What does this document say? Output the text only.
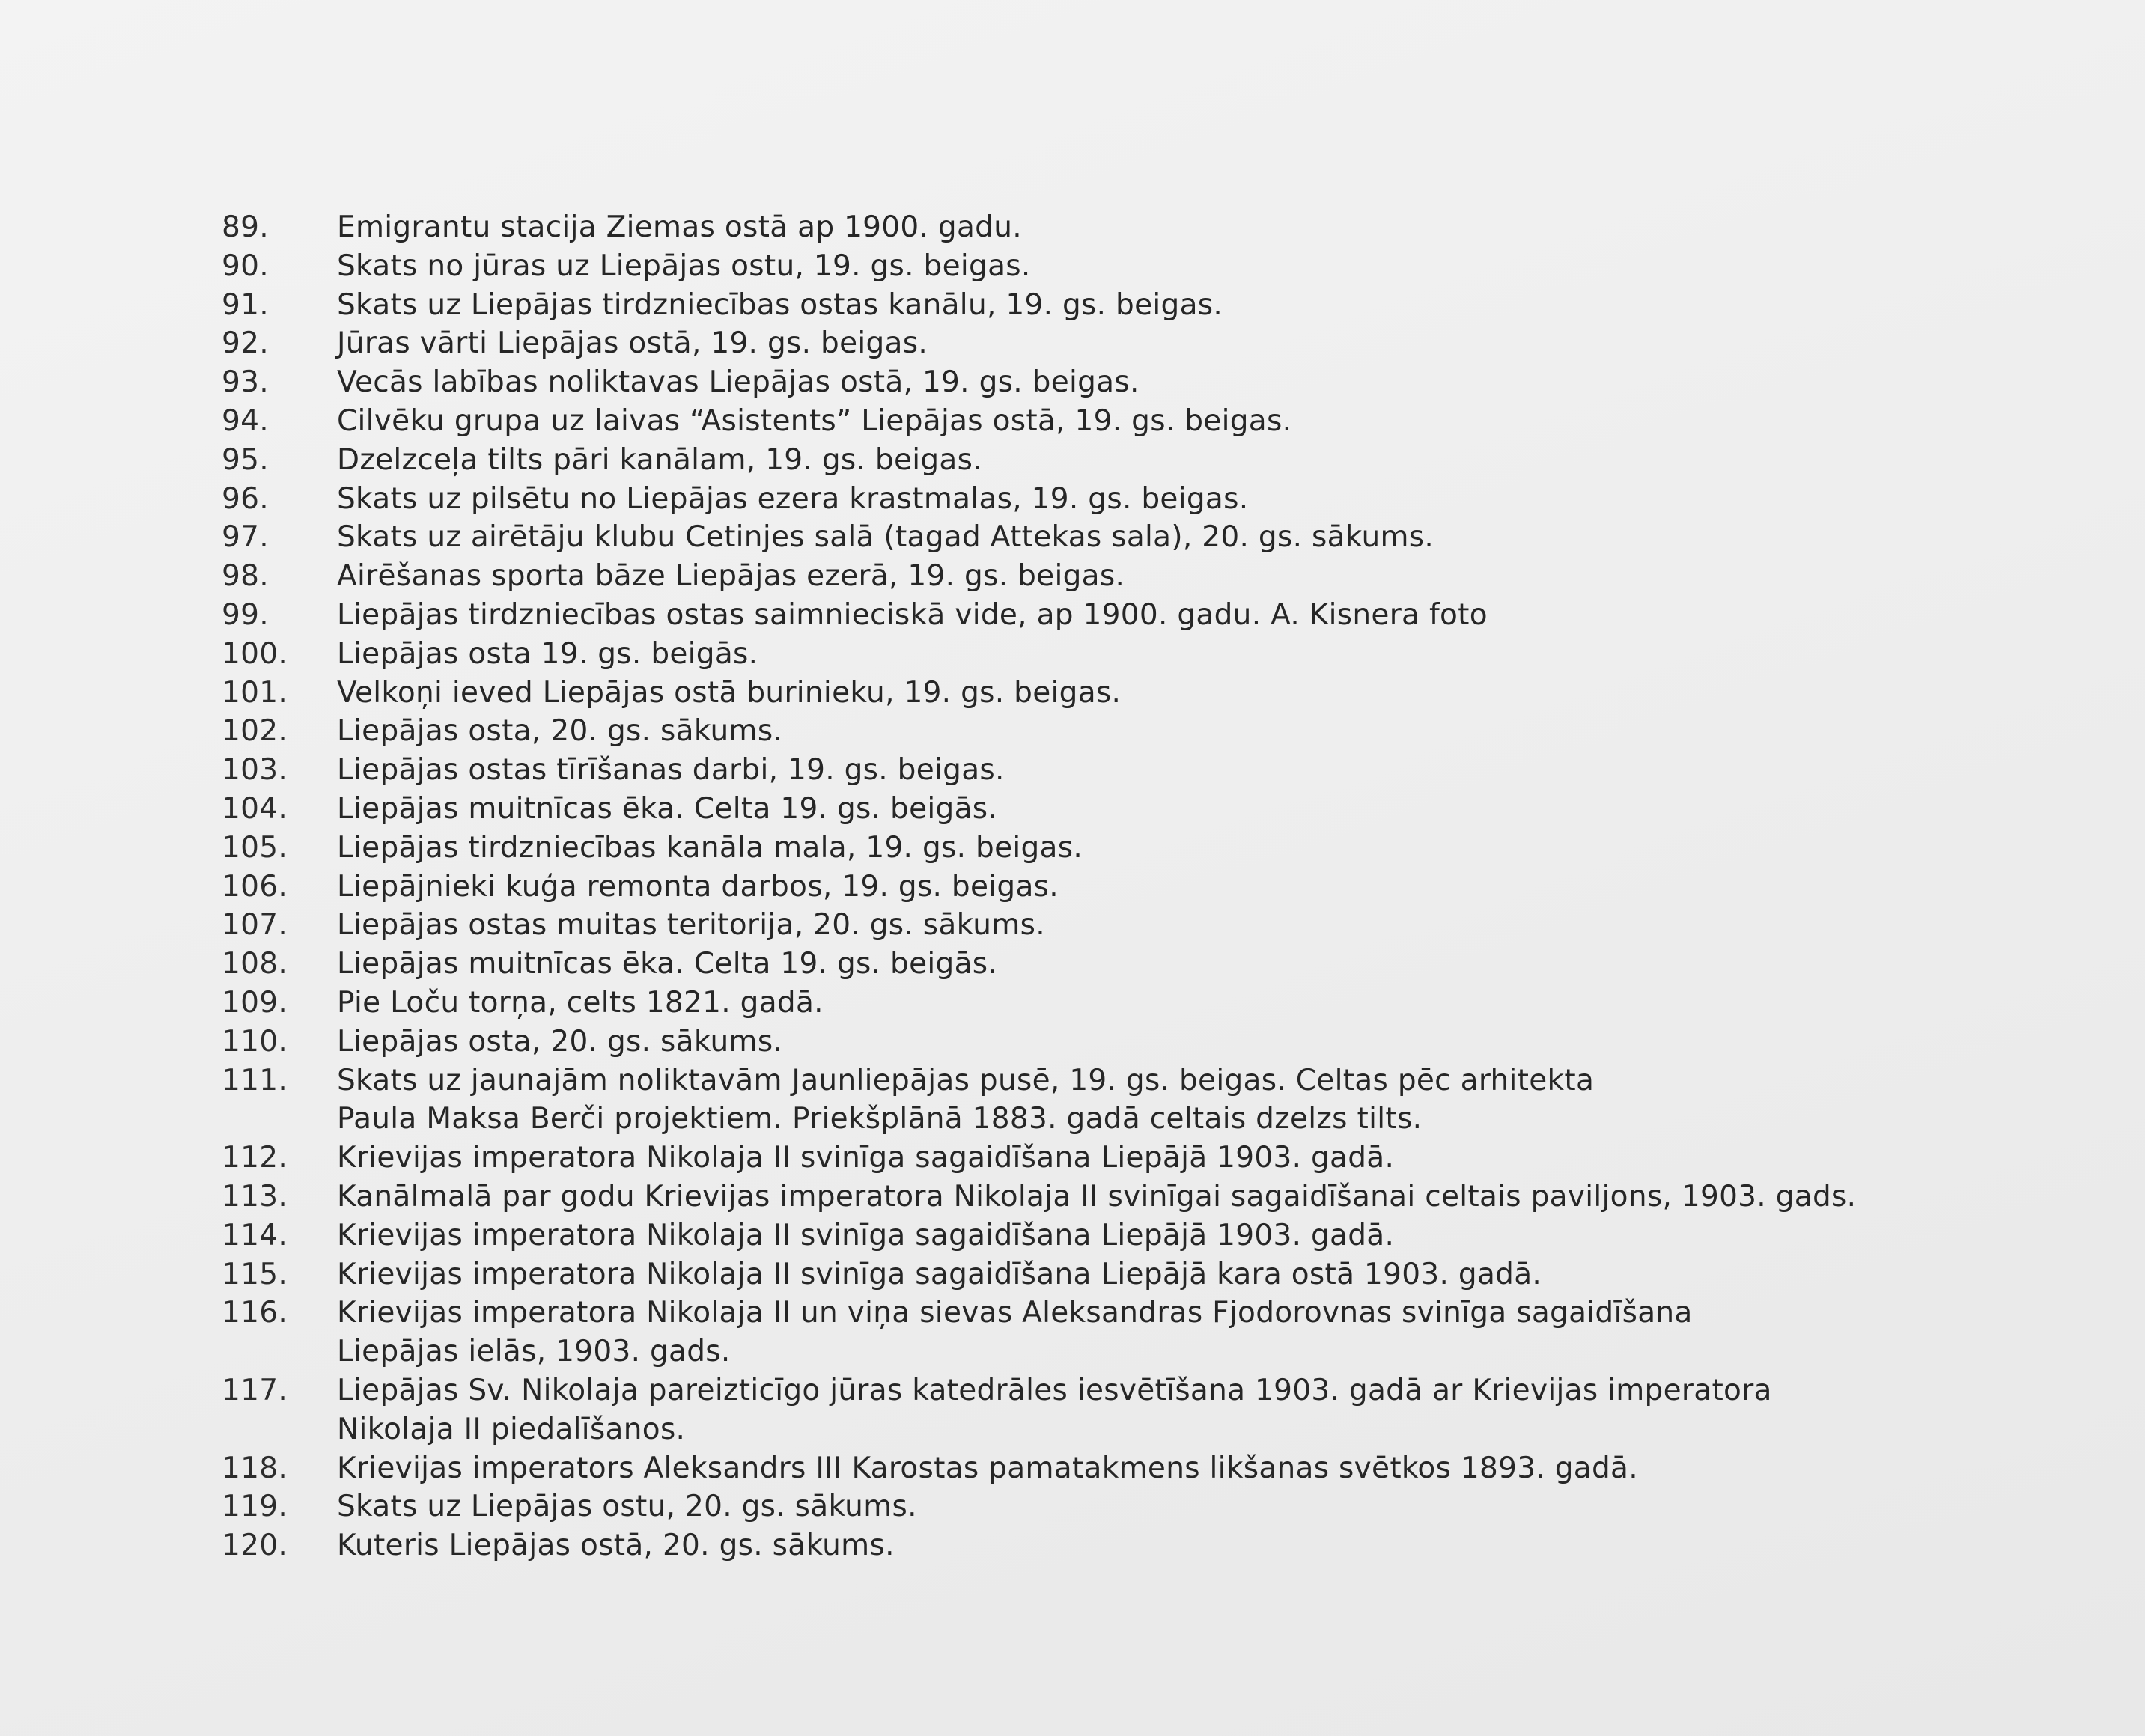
89.	Emigrantu stacija Ziemas ostā ap 1900. gadu.
90.	Skats no jūras uz Liepājas ostu, 19. gs. beigas.
91.	Skats uz Liepājas tirdzniecības ostas kanālu, 19. gs. beigas.
92.	Jūras vārti Liepājas ostā, 19. gs. beigas.
93.	Vecās labības noliktavas Liepājas ostā, 19. gs. beigas.
94.	Cilvēku grupa uz laivas “Asistents” Liepājas ostā, 19. gs. beigas.
95.	Dzelzceļa tilts pāri kanālam, 19. gs. beigas.
96.	Skats uz pilsētu no Liepājas ezera krastmalas, 19. gs. beigas.
97.	Skats uz airētāju klubu Cetinjes salā (tagad Attekas sala), 20. gs. sākums.
98.	Airēšanas sporta bāze Liepājas ezerā, 19. gs. beigas.
99.	Liepājas tirdzniecības ostas saimnieciskā vide, ap 1900. gadu. A. Kisnera foto
100.	Liepājas osta 19. gs. beigās.
101.	Velkoņi ieved Liepājas ostā burinieku, 19. gs. beigas.
102.	Liepājas osta, 20. gs. sākums.
103.	Liepājas ostas tīrīšanas darbi, 19. gs. beigas.
104.	Liepājas muitnīcas ēka. Celta 19. gs. beigās.
105.	Liepājas tirdzniecības kanāla mala, 19. gs. beigas.
106.	Liepājnieki kuģa remonta darbos, 19. gs. beigas.
107.	Liepājas ostas muitas teritorija, 20. gs. sākums.
108.	Liepājas muitnīcas ēka. Celta 19. gs. beigās.
109.	Pie Loču torņa, celts 1821. gadā.
110.	Liepājas osta, 20. gs. sākums.
111.	Skats uz jaunajām noliktavām Jaunliepājas pusē, 19. gs. beigas. Celtas pēc arhitekta
Paula Maksa Berči projektiem. Priekšplānā 1883. gadā celtais dzelzs tilts.
112.	Krievijas imperatora Nikolaja II svinīga sagaidīšana Liepājā 1903. gadā.
113.	Kanālmalā par godu Krievijas imperatora Nikolaja II svinīgai sagaidīšanai celtais paviljons, 1903. gads.
114.	Krievijas imperatora Nikolaja II svinīga sagaidīšana Liepājā 1903. gadā.
115.	Krievijas imperatora Nikolaja II svinīga sagaidīšana Liepājā kara ostā 1903. gadā.
116.	Krievijas imperatora Nikolaja II un viņa sievas Aleksandras Fjodorovnas svinīga sagaidīšana
Liepājas ielās, 1903. gads.
117.	Liepājas Sv. Nikolaja pareizticīgo jūras katedrāles iesvētīšana 1903. gadā ar Krievijas imperatora
Nikolaja II piedalīšanos.
118.	Krievijas imperators Aleksandrs III Karostas pamatakmens likšanas svētkos 1893. gadā.
119.	Skats uz Liepājas ostu, 20. gs. sākums.
120.	Kuteris Liepājas ostā, 20. gs. sākums.
